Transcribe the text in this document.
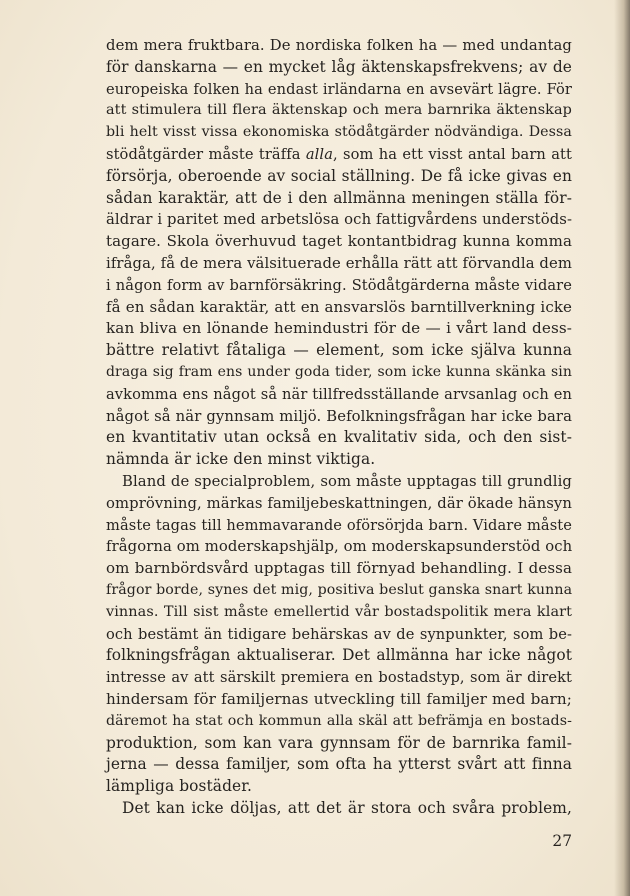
dem mera fruktbara. De nordiska folken ha — med undantag
för danskarna — en mycket låg äktenskapsfrekvens; av de
europeiska folken ha endast irländarna en avsevärt lägre. För
att stimulera till flera äktenskap och mera barnrika äktenskap
bli helt visst vissa ekonomiska stödåtgärder nödvändiga. Dessa
stödåtgärder måste träffa alla, som ha ett visst antal barn att
försörja, oberoende av social ställning. De få icke givas en
sådan karaktär, att de i den allmänna meningen ställa för-
äldrar i paritet med arbetslösa och fattigvårdens understöds-
tagare. Skola överhuvud taget kontantbidrag kunna komma
ifråga, få de mera välsituerade erhålla rätt att förvandla dem
i någon form av barnförsäkring. Stödåtgärderna måste vidare
få en sådan karaktär, att en ansvarslös barntillverkning icke
kan bliva en lönande hemindustri för de — i vårt land dess-
bättre relativt fåtaliga — element, som icke själva kunna
draga sig fram ens under goda tider, som icke kunna skänka sin
avkomma ens något så när tillfredsställande arvsanlag och en
något så när gynnsam miljö. Befolkningsfrågan har icke bara
en kvantitativ utan också en kvalitativ sida, och den sist-
nämnda är icke den minst viktiga.
Bland de specialproblem, som måste upptagas till grundlig
omprövning, märkas familjebeskattningen, där ökade hänsyn
måste tagas till hemmavarande oförsörjda barn. Vidare måste
frågorna om moderskapshjälp, om moderskapsunderstöd och
om barnbördsvård upptagas till förnyad behandling. I dessa
frågor borde, synes det mig, positiva beslut ganska snart kunna
vinnas. Till sist måste emellertid vår bostadspolitik mera klart
och bestämt än tidigare behärskas av de synpunkter, som be-
folkningsfrågan aktualiserar. Det allmänna har icke något
intresse av att särskilt premiera en bostadstyp, som är direkt
hindersam för familjernas utveckling till familjer med barn;
däremot ha stat och kommun alla skäl att befrämja en bostads-
produktion, som kan vara gynnsam för de barnrika famil-
jerna — dessa familjer, som ofta ha ytterst svårt att finna
lämpliga bostäder.
Det kan icke döljas, att det är stora och svåra problem,
27
